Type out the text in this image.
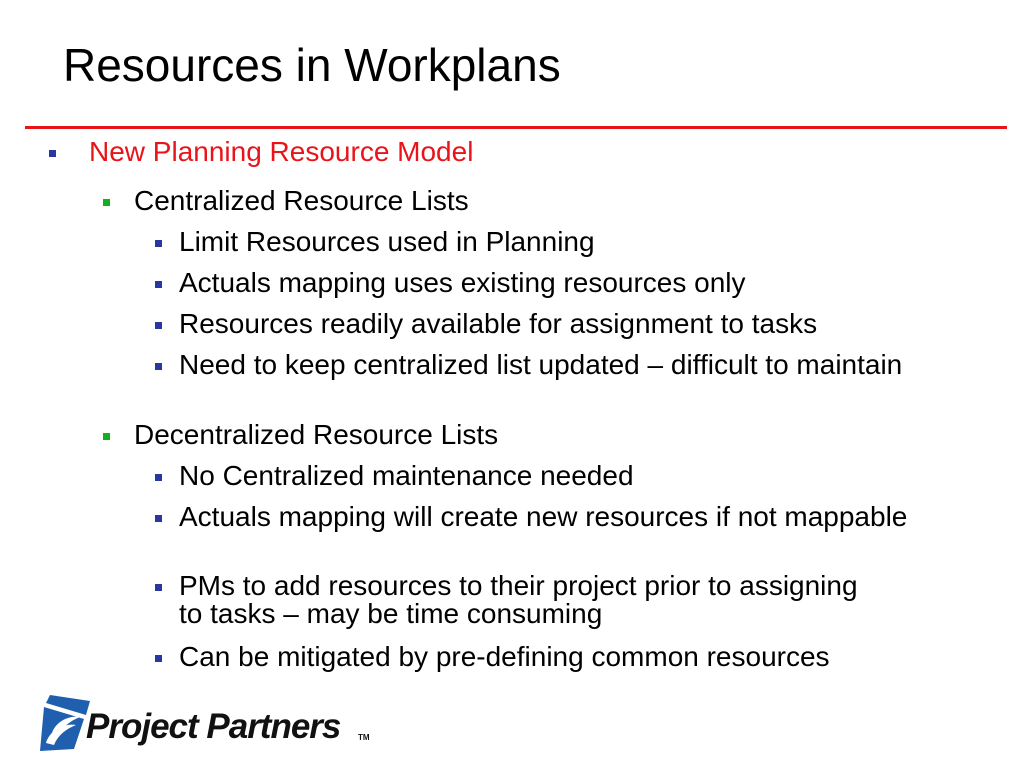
Resources in Workplans
New Planning Resource Model
Centralized Resource Lists
Limit Resources used in Planning
Actuals mapping uses existing resources only
Resources readily available for assignment to tasks
Need to keep centralized list updated – difficult to maintain
Decentralized Resource Lists
No Centralized maintenance needed
Actuals mapping will create new resources if not mappable
PMs to add resources to their project prior to assigning to tasks – may be time consuming
Can be mitigated by pre-defining common resources
Project Partners TM
